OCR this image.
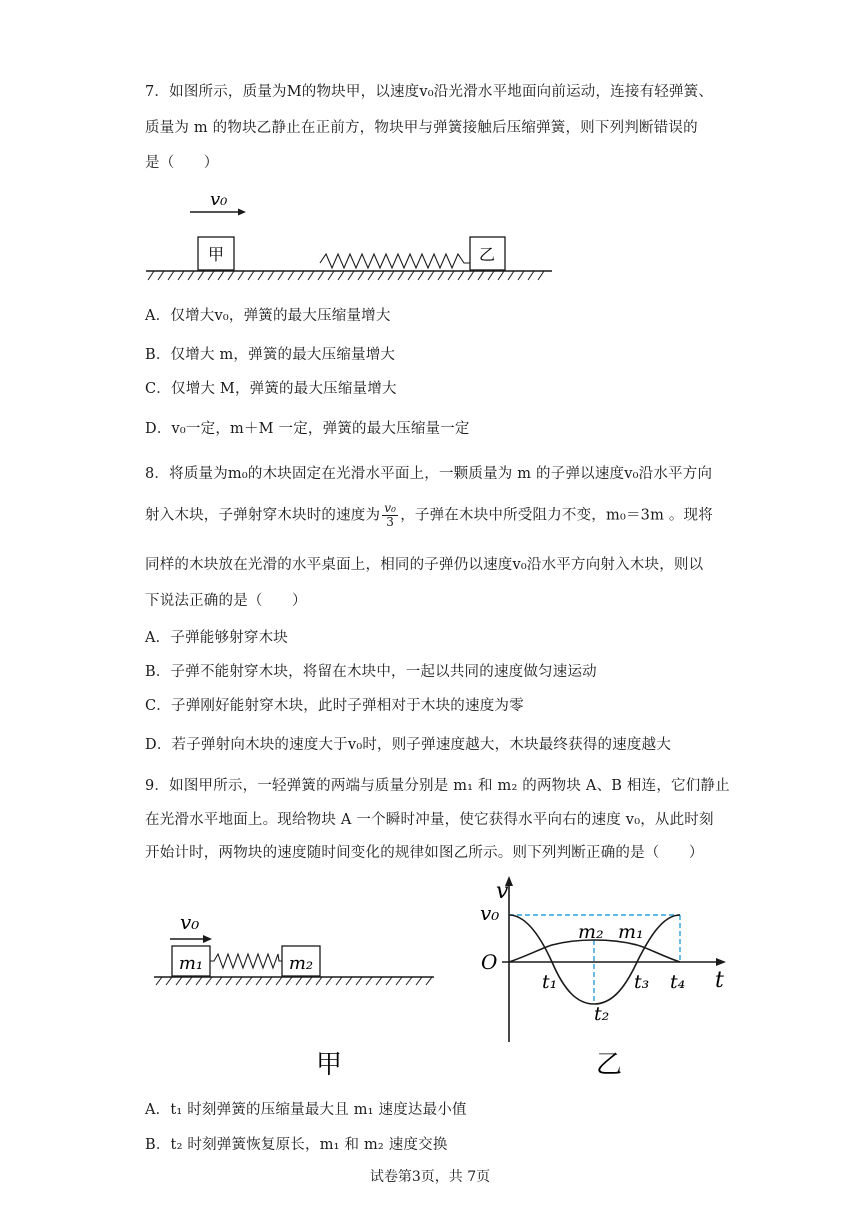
7．如图所示，质量为M的物块甲，以速度v₀沿光滑水平地面向前运动，连接有轻弹簧、
质量为 m 的物块乙静止在正前方，物块甲与弹簧接触后压缩弹簧，则下列判断错误的
是（　　）
v₀
甲	乙
A．仅增大v₀，弹簧的最大压缩量增大
B．仅增大 m，弹簧的最大压缩量增大
C．仅增大 M，弹簧的最大压缩量增大
D．v₀一定，m＋M 一定，弹簧的最大压缩量一定
8．将质量为m₀的木块固定在光滑水平面上，一颗质量为 m 的子弹以速度v₀沿水平方向
射入木块，子弹射穿木块时的速度为 $\frac{\text{v₀}}{3}$ ，子弹在木块中所受阻力不变，m₀＝3m 。现将
同样的木块放在光滑的水平桌面上，相同的子弹仍以速度v₀沿水平方向射入木块，则以
下说法正确的是（　　）
A．子弹能够射穿木块
B．子弹不能射穿木块，将留在木块中，一起以共同的速度做匀速运动
C．子弹刚好能射穿木块，此时子弹相对于木块的速度为零
D．若子弹射向木块的速度大于v₀时，则子弹速度越大，木块最终获得的速度越大
9．如图甲所示，一轻弹簧的两端与质量分别是 m₁ 和 m₂ 的两物块 A、B 相连，它们静止
在光滑水平地面上。现给物块 A 一个瞬时冲量，使它获得水平向右的速度 v₀，从此时刻
开始计时，两物块的速度随时间变化的规律如图乙所示。则下列判断正确的是（　　）
v₀
m₁	m₂
甲
v
t
O
v₀
m₂ m₁
t₁
t₂
t₃ t₄
乙
A．t₁ 时刻弹簧的压缩量最大且 m₁ 速度达最小值
B．t₂ 时刻弹簧恢复原长，m₁ 和 m₂ 速度交换
试卷第3页，共 7页
